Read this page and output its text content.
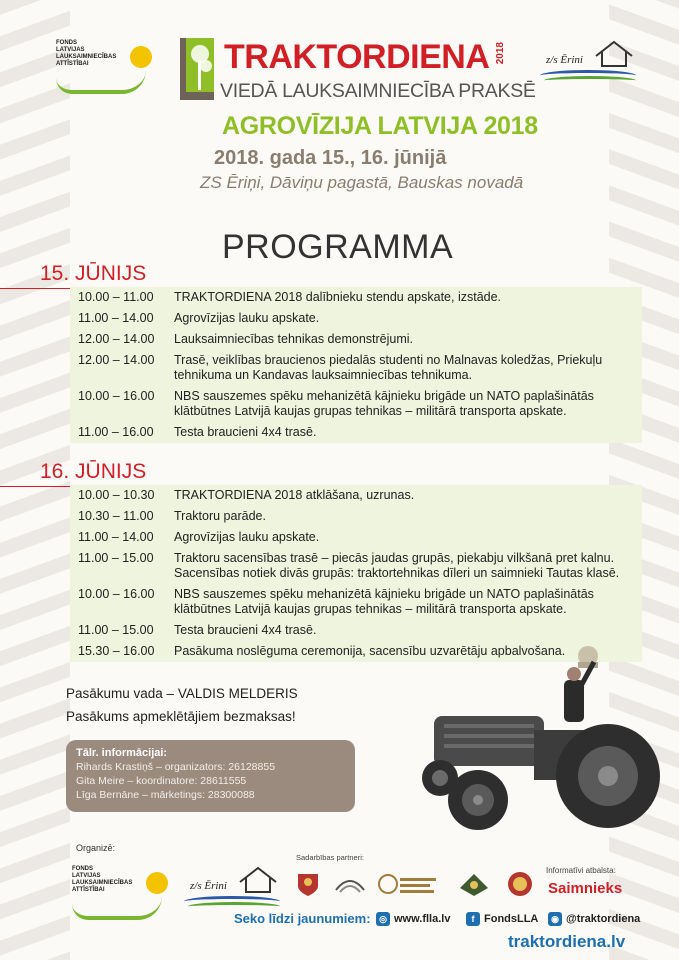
FONDS
LATVIJAS
LAUKSAIMNIECĪBAS
ATTĪSTĪBAI	z/s Ērini
TRAKTORDIENA 2018
VIEDĀ LAUKSAIMNIECĪBA PRAKSĒ
AGROVĪZIJA LATVIJA 2018
2018. gada 15., 16. jūnijā
ZS Ēriņi, Dāviņu pagastā, Bauskas novadā
PROGRAMMA
15. JŪNIJS
10.00 – 11.00	TRAKTORDIENA 2018 dalībnieku stendu apskate, izstāde.
11.00 – 14.00	Agrovīzijas lauku apskate.
12.00 – 14.00	Lauksaimniecības tehnikas demonstrējumi.
12.00 – 14.00	Trasē, veiklības braucienos piedalās studenti no Malnavas koledžas, Priekuļu tehnikuma un Kandavas lauksaimniecības tehnikuma.
10.00 – 16.00	NBS sauszemes spēku mehanizētā kājnieku brigāde un NATO paplašinātās klātbūtnes Latvijā kaujas grupas tehnikas – militārā transporta apskate.
11.00 – 16.00	Testa braucieni 4x4 trasē.
16. JŪNIJS
10.00 – 10.30	TRAKTORDIENA 2018 atklāšana, uzrunas.
10.30 – 11.00	Traktoru parāde.
11.00 – 14.00	Agrovīzijas lauku apskate.
11.00 – 15.00	Traktoru sacensības trasē – piecās jaudas grupās, piekabju vilkšanā pret kalnu. Sacensības notiek divās grupās: traktortehnikas dīleri un saimnieki Tautas klasē.
10.00 – 16.00	NBS sauszemes spēku mehanizētā kājnieku brigāde un NATO paplašinātās klātbūtnes Latvijā kaujas grupas tehnikas – militārā transporta apskate.
11.00 – 15.00	Testa braucieni 4x4 trasē.
15.30 – 16.00	Pasākuma noslēguma ceremonija, sacensību uzvarētāju apbalvošana.
Pasākumu vada – VALDIS MELDERIS
Pasākums apmeklētājiem bezmaksas!
Tālr. informācijai:
Rihards Krastiņš – organizators: 26128855
Gita Meire – koordinatore: 28611555
Līga Bernāne – mārketings: 28300088
Organizē:
FONDS
LATVIJAS
LAUKSAIMNIECĪBAS
ATTĪSTĪBAI	z/s Ērini
Sadarbības partneri:
Informatīvi atbalsta:
Saimnieks
Seko līdzi jaunumiem: ◎ www.flla.lv	f FondsLLA	◉ @traktordiena
traktordiena.lv
